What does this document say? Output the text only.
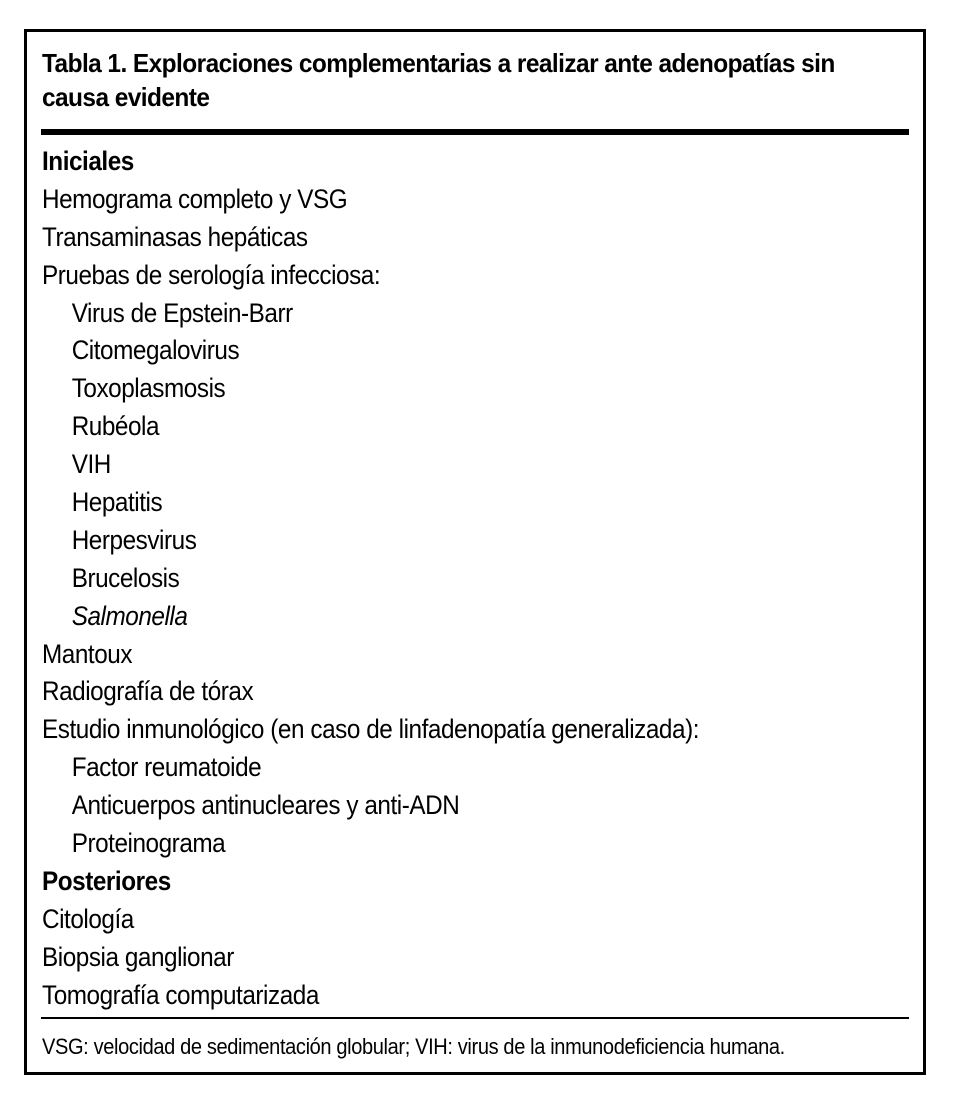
Tabla 1. Exploraciones complementarias a realizar ante adenopatías sin causa evidente
Iniciales
Hemograma completo y VSG
Transaminasas hepáticas
Pruebas de serología infecciosa:
Virus de Epstein-Barr
Citomegalovirus
Toxoplasmosis
Rubéola
VIH
Hepatitis
Herpesvirus
Brucelosis
Salmonella
Mantoux
Radiografía de tórax
Estudio inmunológico (en caso de linfadenopatía generalizada):
Factor reumatoide
Anticuerpos antinucleares y anti-ADN
Proteinograma
Posteriores
Citología
Biopsia ganglionar
Tomografía computarizada
VSG: velocidad de sedimentación globular; VIH: virus de la inmunodeficiencia humana.
